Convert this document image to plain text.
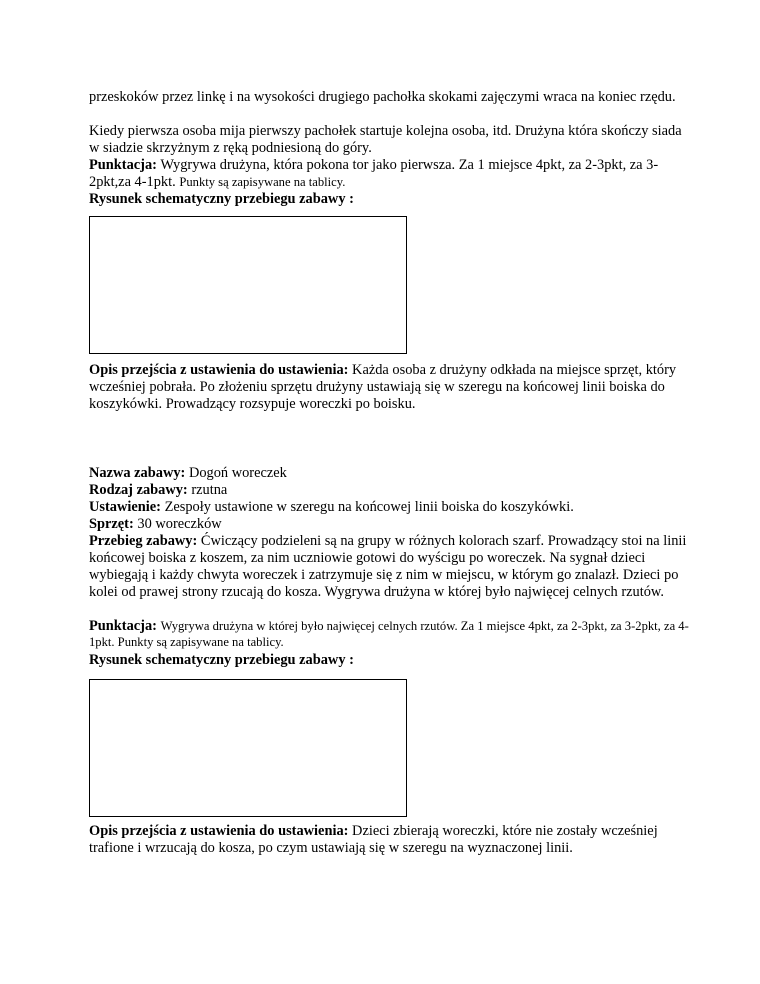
przeskoków przez linkę i na wysokości drugiego pachołka skokami zajęczymi wraca na koniec rzędu.
Kiedy pierwsza osoba mija pierwszy pachołek startuje kolejna osoba, itd. Drużyna która skończy siada w siadzie skrzyżnym z ręką podniesioną do góry.
Punktacja: Wygrywa drużyna, która pokona tor jako pierwsza. Za 1 miejsce 4pkt, za 2-3pkt, za 3-2pkt,za 4-1pkt. Punkty są zapisywane na tablicy.
Rysunek schematyczny przebiegu zabawy :
Opis przejścia z ustawienia do ustawienia: Każda osoba z drużyny odkłada na miejsce sprzęt, który wcześniej pobrała. Po złożeniu sprzętu drużyny ustawiają się w szeregu na końcowej linii boiska do koszykówki. Prowadzący rozsypuje woreczki po boisku.
Nazwa zabawy: Dogoń woreczek
Rodzaj zabawy: rzutna
Ustawienie: Zespoły ustawione w szeregu na końcowej linii boiska do koszykówki.
Sprzęt: 30 woreczków
Przebieg zabawy: Ćwiczący podzieleni są na grupy w różnych kolorach szarf. Prowadzący stoi na linii końcowej boiska z koszem, za nim uczniowie gotowi do wyścigu po woreczek. Na sygnał dzieci wybiegają i każdy chwyta woreczek i zatrzymuje się z nim w miejscu, w którym go znalazł. Dzieci po kolei od prawej strony rzucają do kosza. Wygrywa drużyna w której było najwięcej celnych rzutów.
Punktacja: Wygrywa drużyna w której było najwięcej celnych rzutów. Za 1 miejsce 4pkt, za 2-3pkt, za 3-2pkt, za 4-1pkt. Punkty są zapisywane na tablicy.
Rysunek schematyczny przebiegu zabawy :
Opis przejścia z ustawienia do ustawienia: Dzieci zbierają woreczki, które nie zostały wcześniej trafione i wrzucają do kosza, po czym ustawiają się w szeregu na wyznaczonej linii.
